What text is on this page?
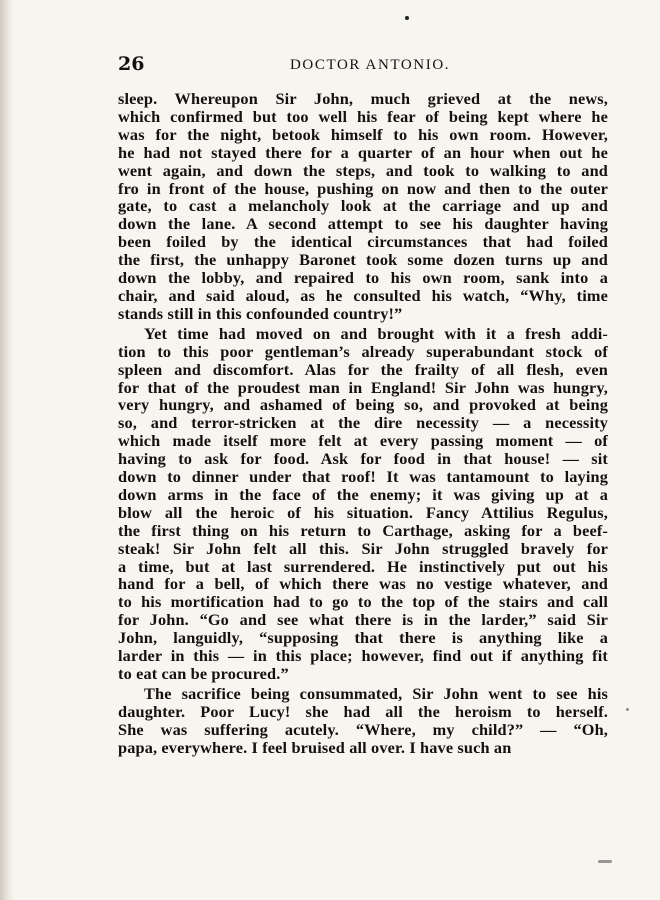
26	DOCTOR ANTONIO.
sleep. Whereupon Sir John, much grieved at the news,
which confirmed but too well his fear of being kept where he
was for the night, betook himself to his own room. However,
he had not stayed there for a quarter of an hour when out he
went again, and down the steps, and took to walking to and
fro in front of the house, pushing on now and then to the outer
gate, to cast a melancholy look at the carriage and up and
down the lane. A second attempt to see his daughter having
been foiled by the identical circumstances that had foiled
the first, the unhappy Baronet took some dozen turns up and
down the lobby, and repaired to his own room, sank into a
chair, and said aloud, as he consulted his watch, “Why, time
stands still in this confounded country!”
Yet time had moved on and brought with it a fresh addi-
tion to this poor gentleman’s already superabundant stock of
spleen and discomfort. Alas for the frailty of all flesh, even
for that of the proudest man in England! Sir John was hungry,
very hungry, and ashamed of being so, and provoked at being
so, and terror-stricken at the dire necessity — a necessity
which made itself more felt at every passing moment — of
having to ask for food. Ask for food in that house! — sit
down to dinner under that roof! It was tantamount to laying
down arms in the face of the enemy; it was giving up at a
blow all the heroic of his situation. Fancy Attilius Regulus,
the first thing on his return to Carthage, asking for a beef-
steak! Sir John felt all this. Sir John struggled bravely for
a time, but at last surrendered. He instinctively put out his
hand for a bell, of which there was no vestige whatever, and
to his mortification had to go to the top of the stairs and call
for John. “Go and see what there is in the larder,” said Sir
John, languidly, “supposing that there is anything like a
larder in this — in this place; however, find out if anything fit
to eat can be procured.”
The sacrifice being consummated, Sir John went to see his
daughter. Poor Lucy! she had all the heroism to herself.
She was suffering acutely. “Where, my child?” — “Oh,
papa, everywhere. I feel bruised all over. I have such an
